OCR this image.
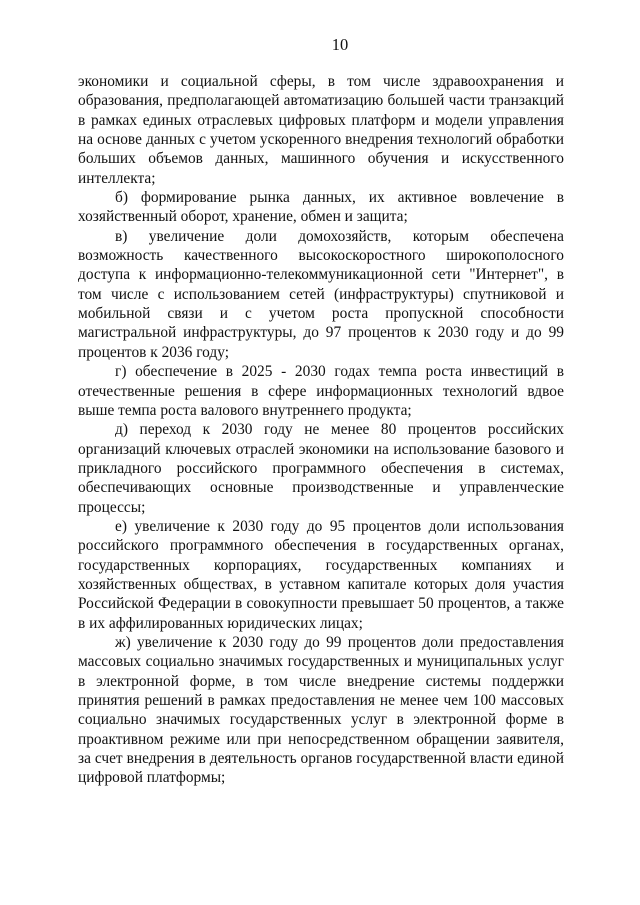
10

экономики и социальной сферы, в том числе здравоохранения и образования, предполагающей автоматизацию большей части транзакций в рамках единых отраслевых цифровых платформ и модели управления на основе данных с учетом ускоренного внедрения технологий обработки больших объемов данных, машинного обучения и искусственного интеллекта;

б) формирование рынка данных, их активное вовлечение в хозяйственный оборот, хранение, обмен и защита;

в) увеличение доли домохозяйств, которым обеспечена возможность качественного высокоскоростного широкополосного доступа к информационно-телекоммуникационной сети "Интернет", в том числе с использованием сетей (инфраструктуры) спутниковой и мобильной связи и с учетом роста пропускной способности магистральной инфраструктуры, до 97 процентов к 2030 году и до 99 процентов к 2036 году;

г) обеспечение в 2025 - 2030 годах темпа роста инвестиций в отечественные решения в сфере информационных технологий вдвое выше темпа роста валового внутреннего продукта;

д) переход к 2030 году не менее 80 процентов российских организаций ключевых отраслей экономики на использование базового и прикладного российского программного обеспечения в системах, обеспечивающих основные производственные и управленческие процессы;

е) увеличение к 2030 году до 95 процентов доли использования российского программного обеспечения в государственных органах, государственных корпорациях, государственных компаниях и хозяйственных обществах, в уставном капитале которых доля участия Российской Федерации в совокупности превышает 50 процентов, а также в их аффилированных юридических лицах;

ж) увеличение к 2030 году до 99 процентов доли предоставления массовых социально значимых государственных и муниципальных услуг в электронной форме, в том числе внедрение системы поддержки принятия решений в рамках предоставления не менее чем 100 массовых социально значимых государственных услуг в электронной форме в проактивном режиме или при непосредственном обращении заявителя, за счет внедрения в деятельность органов государственной власти единой цифровой платформы;
